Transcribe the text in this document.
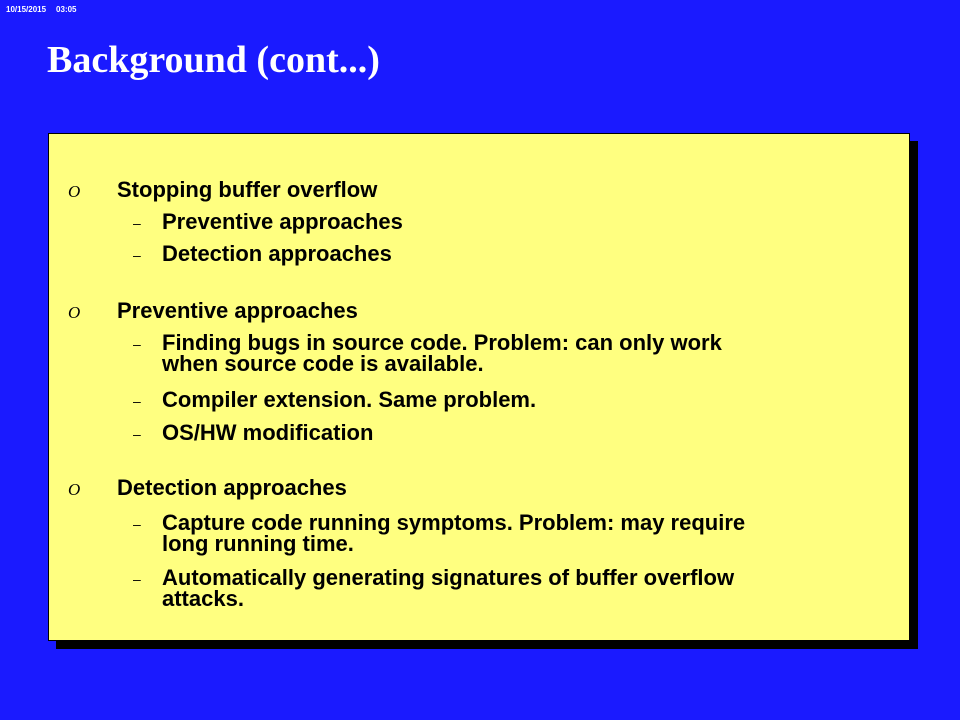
10/15/2015 03:05
Background (cont...)
O Stopping buffer overflow
– Preventive approaches
– Detection approaches
O Preventive approaches
– Finding bugs in source code. Problem: can only work
when source code is available.
– Compiler extension. Same problem.
– OS/HW modification
O Detection approaches
– Capture code running symptoms. Problem: may require
long running time.
– Automatically generating signatures of buffer overflow
attacks.
